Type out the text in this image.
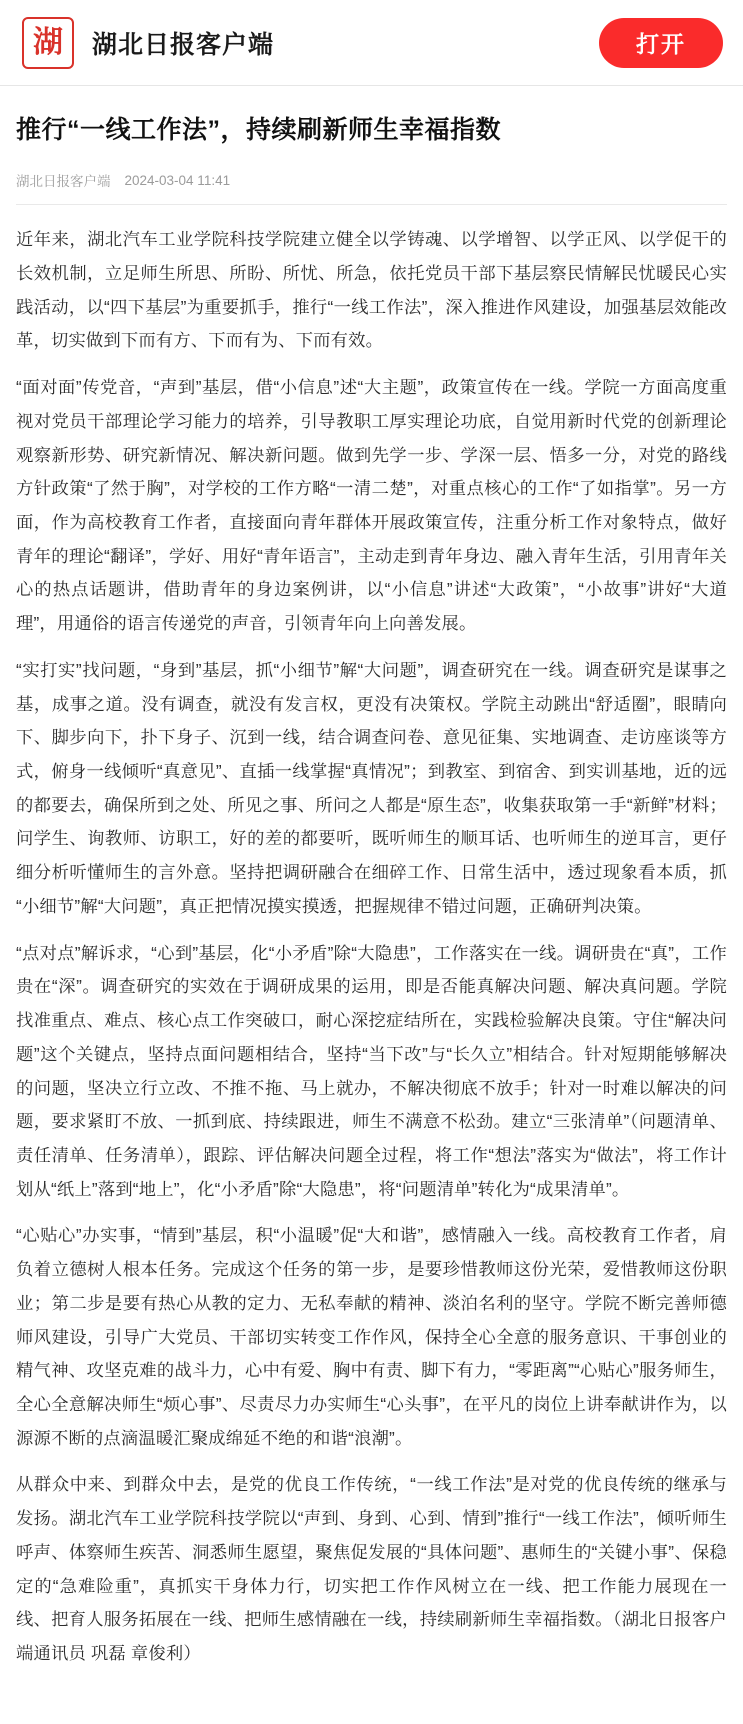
湖 湖北日报客户端	打开
推行“一线工作法”，持续刷新师生幸福指数
湖北日报客户端 2024-03-04 11:41

近年来，湖北汽车工业学院科技学院建立健全以学铸魂、以学增智、以学正风、以学促干的长效机制，立足师生所思、所盼、所忧、所急，依托党员干部下基层察民情解民忧暖民心实践活动，以“四下基层”为重要抓手，推行“一线工作法”，深入推进作风建设，加强基层效能改革，切实做到下而有方、下而有为、下而有效。

“面对面”传党音，“声到”基层，借“小信息”述“大主题”，政策宣传在一线。学院一方面高度重视对党员干部理论学习能力的培养，引导教职工厚实理论功底，自觉用新时代党的创新理论观察新形势、研究新情况、解决新问题。做到先学一步、学深一层、悟多一分，对党的路线方针政策“了然于胸”，对学校的工作方略“一清二楚”，对重点核心的工作“了如指掌”。另一方面，作为高校教育工作者，直接面向青年群体开展政策宣传，注重分析工作对象特点，做好青年的理论“翻译”，学好、用好“青年语言”，主动走到青年身边、融入青年生活，引用青年关心的热点话题讲，借助青年的身边案例讲，以“小信息”讲述“大政策”，“小故事”讲好“大道理”，用通俗的语言传递党的声音，引领青年向上向善发展。

“实打实”找问题，“身到”基层，抓“小细节”解“大问题”，调查研究在一线。调查研究是谋事之基，成事之道。没有调查，就没有发言权，更没有决策权。学院主动跳出“舒适圈”，眼睛向下、脚步向下，扑下身子、沉到一线，结合调查问卷、意见征集、实地调查、走访座谈等方式，俯身一线倾听“真意见”、直插一线掌握“真情况”；到教室、到宿舍、到实训基地，近的远的都要去，确保所到之处、所见之事、所问之人都是“原生态”，收集获取第一手“新鲜”材料；问学生、询教师、访职工，好的差的都要听，既听师生的顺耳话、也听师生的逆耳言，更仔细分析听懂师生的言外意。坚持把调研融合在细碎工作、日常生活中，透过现象看本质，抓“小细节”解“大问题”，真正把情况摸实摸透，把握规律不错过问题，正确研判决策。

“点对点”解诉求，“心到”基层，化“小矛盾”除“大隐患”，工作落实在一线。调研贵在“真”，工作贵在“深”。调查研究的实效在于调研成果的运用，即是否能真解决问题、解决真问题。学院找准重点、难点、核心点工作突破口，耐心深挖症结所在，实践检验解决良策。守住“解决问题”这个关键点，坚持点面问题相结合，坚持“当下改”与“长久立”相结合。针对短期能够解决的问题，坚决立行立改、不推不拖、马上就办，不解决彻底不放手；针对一时难以解决的问题，要求紧盯不放、一抓到底、持续跟进，师生不满意不松劲。建立“三张清单”（问题清单、责任清单、任务清单），跟踪、评估解决问题全过程，将工作“想法”落实为“做法”，将工作计划从“纸上”落到“地上”，化“小矛盾”除“大隐患”，将“问题清单”转化为“成果清单”。

“心贴心”办实事，“情到”基层，积“小温暖”促“大和谐”，感情融入一线。高校教育工作者，肩负着立德树人根本任务。完成这个任务的第一步，是要珍惜教师这份光荣，爱惜教师这份职业；第二步是要有热心从教的定力、无私奉献的精神、淡泊名利的坚守。学院不断完善师德师风建设，引导广大党员、干部切实转变工作作风，保持全心全意的服务意识、干事创业的精气神、攻坚克难的战斗力，心中有爱、胸中有责、脚下有力，“零距离”“心贴心”服务师生，全心全意解决师生“烦心事”、尽责尽力办实师生“心头事”，在平凡的岗位上讲奉献讲作为，以源源不断的点滴温暖汇聚成绵延不绝的和谐“浪潮”。

从群众中来、到群众中去，是党的优良工作传统，“一线工作法”是对党的优良传统的继承与发扬。湖北汽车工业学院科技学院以“声到、身到、心到、情到”推行“一线工作法”，倾听师生呼声、体察师生疾苦、洞悉师生愿望，聚焦促发展的“具体问题”、惠师生的“关键小事”、保稳定的“急难险重”，真抓实干身体力行，切实把工作作风树立在一线、把工作能力展现在一线、把育人服务拓展在一线、把师生感情融在一线，持续刷新师生幸福指数。（湖北日报客户端通讯员 巩磊 章俊利）
